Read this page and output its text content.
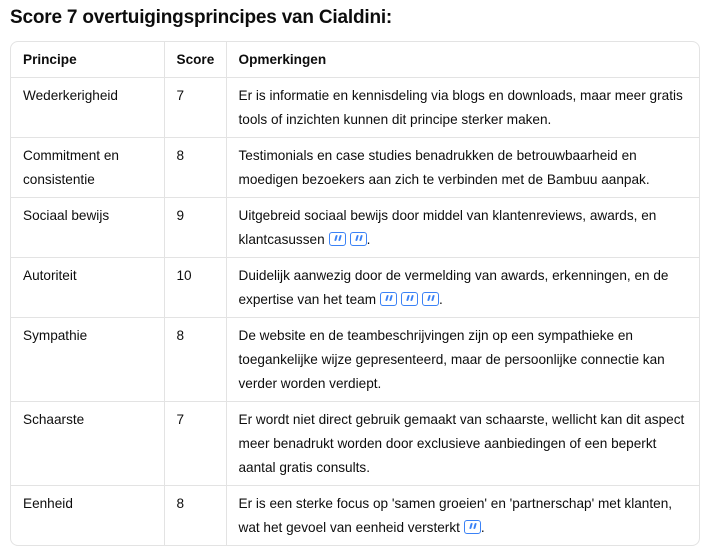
Score 7 overtuigingsprincipes van Cialdini:
Principe	Score	Opmerkingen
Wederkerigheid	7	Er is informatie en kennisdeling via blogs en downloads, maar meer gratis tools of inzichten kunnen dit principe sterker maken.
Commitment en consistentie	8	Testimonials en case studies benadrukken de betrouwbaarheid en moedigen bezoekers aan zich te verbinden met de Bambuu aanpak.
Sociaal bewijs	9	Uitgebreid sociaal bewijs door middel van klantenreviews, awards, en klantcasussen .
Autoriteit	10	Duidelijk aanwezig door de vermelding van awards, erkenningen, en de expertise van het team .
Sympathie	8	De website en de teambeschrijvingen zijn op een sympathieke en toegankelijke wijze gepresenteerd, maar de persoonlijke connectie kan verder worden verdiept.
Schaarste	7	Er wordt niet direct gebruik gemaakt van schaarste, wellicht kan dit aspect meer benadrukt worden door exclusieve aanbiedingen of een beperkt aantal gratis consults.
Eenheid	8	Er is een sterke focus op 'samen groeien' en 'partnerschap' met klanten, wat het gevoel van eenheid versterkt .
